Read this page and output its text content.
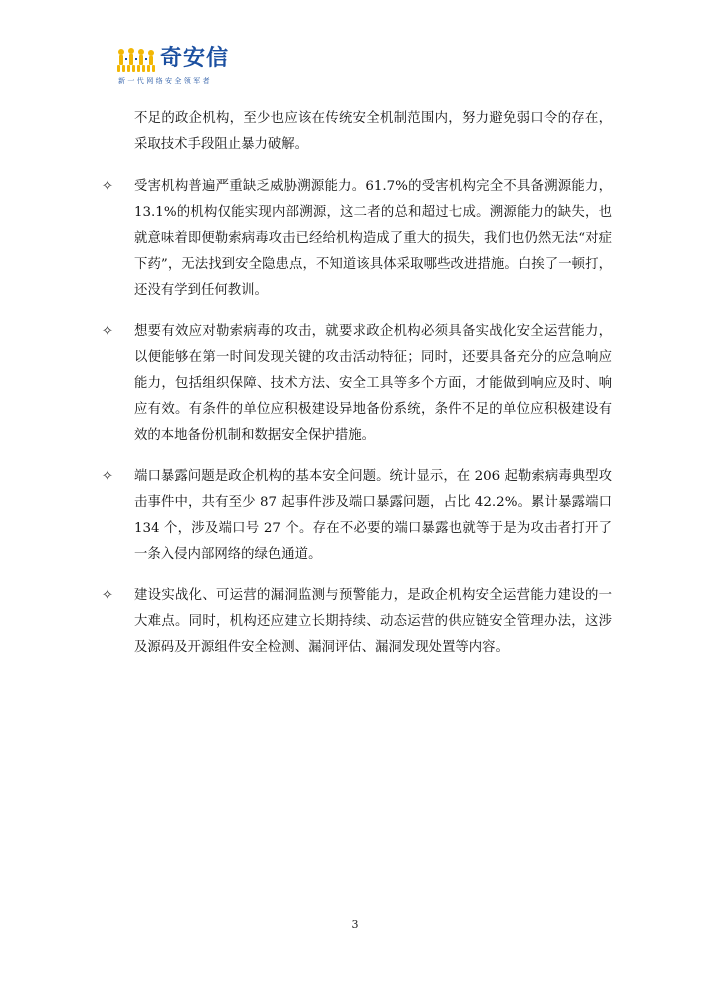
奇安信
新一代网络安全领军者
不足的政企机构，至少也应该在传统安全机制范围内，努力避免弱口令的存在，采取技术手段阻止暴力破解。
✧	受害机构普遍严重缺乏威胁溯源能力。61.7%的受害机构完全不具备溯源能力，13.1%的机构仅能实现内部溯源，这二者的总和超过七成。溯源能力的缺失，也就意味着即便勒索病毒攻击已经给机构造成了重大的损失，我们也仍然无法“对症下药”，无法找到安全隐患点，不知道该具体采取哪些改进措施。白挨了一顿打，还没有学到任何教训。
✧	想要有效应对勒索病毒的攻击，就要求政企机构必须具备实战化安全运营能力，以便能够在第一时间发现关键的攻击活动特征；同时，还要具备充分的应急响应能力，包括组织保障、技术方法、安全工具等多个方面，才能做到响应及时、响应有效。有条件的单位应积极建设异地备份系统，条件不足的单位应积极建设有效的本地备份机制和数据安全保护措施。
✧	端口暴露问题是政企机构的基本安全问题。统计显示，在 206 起勒索病毒典型攻击事件中，共有至少 87 起事件涉及端口暴露问题，占比 42.2%。累计暴露端口 134 个，涉及端口号 27 个。存在不必要的端口暴露也就等于是为攻击者打开了一条入侵内部网络的绿色通道。
✧	建设实战化、可运营的漏洞监测与预警能力，是政企机构安全运营能力建设的一大难点。同时，机构还应建立长期持续、动态运营的供应链安全管理办法，这涉及源码及开源组件安全检测、漏洞评估、漏洞发现处置等内容。
3
